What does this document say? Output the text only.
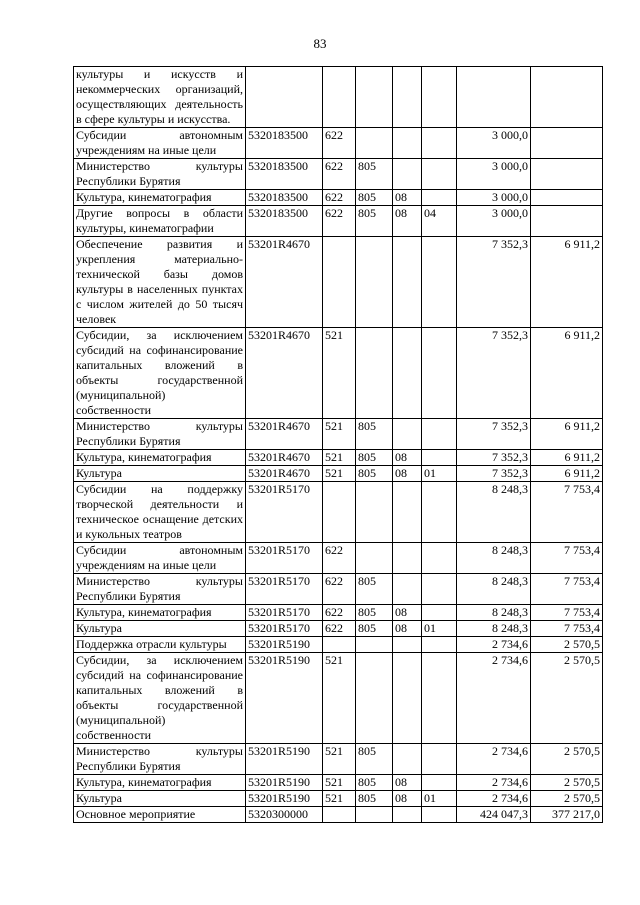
83
культуры и искусств и некоммерческих организаций, осуществляющих деятельность в сфере культуры и искусства.							
Субсидии автономным учреждениям на иные цели	5320183500	622				3 000,0	
Министерство культуры Республики Бурятия	5320183500	622	805			3 000,0	
Культура, кинематография	5320183500	622	805	08		3 000,0	
Другие вопросы в области культуры, кинематографии	5320183500	622	805	08	04	3 000,0	
Обеспечение развития и укрепления материально-технической базы домов культуры в населенных пунктах с числом жителей до 50 тысяч человек	53201R4670					7 352,3	6 911,2
Субсидии, за исключением субсидий на софинансирование капитальных вложений в объекты государственной (муниципальной) собственности	53201R4670	521				7 352,3	6 911,2
Министерство культуры Республики Бурятия	53201R4670	521	805			7 352,3	6 911,2
Культура, кинематография	53201R4670	521	805	08		7 352,3	6 911,2
Культура	53201R4670	521	805	08	01	7 352,3	6 911,2
Субсидии на поддержку творческой деятельности и техническое оснащение детских и кукольных театров	53201R5170					8 248,3	7 753,4
Субсидии автономным учреждениям на иные цели	53201R5170	622				8 248,3	7 753,4
Министерство культуры Республики Бурятия	53201R5170	622	805			8 248,3	7 753,4
Культура, кинематография	53201R5170	622	805	08		8 248,3	7 753,4
Культура	53201R5170	622	805	08	01	8 248,3	7 753,4
Поддержка отрасли культуры	53201R5190					2 734,6	2 570,5
Субсидии, за исключением субсидий на софинансирование капитальных вложений в объекты государственной (муниципальной) собственности	53201R5190	521				2 734,6	2 570,5
Министерство культуры Республики Бурятия	53201R5190	521	805			2 734,6	2 570,5
Культура, кинематография	53201R5190	521	805	08		2 734,6	2 570,5
Культура	53201R5190	521	805	08	01	2 734,6	2 570,5
Основное мероприятие	5320300000					424 047,3	377 217,0
